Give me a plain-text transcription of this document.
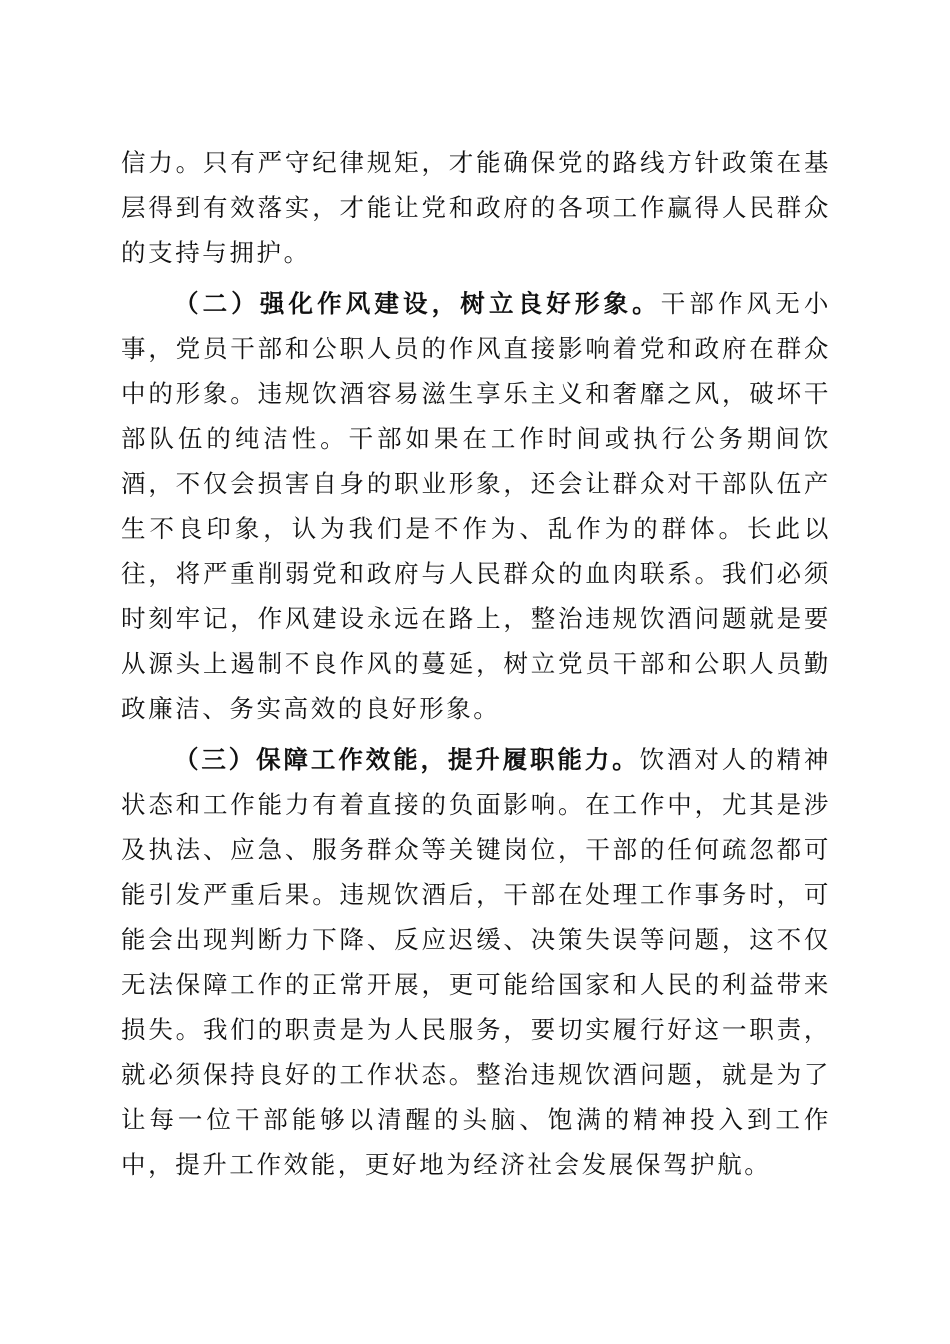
信力。只有严守纪律规矩，才能确保党的路线方针政策在基层得到有效落实，才能让党和政府的各项工作赢得人民群众的支持与拥护。

（二）强化作风建设，树立良好形象。干部作风无小事，党员干部和公职人员的作风直接影响着党和政府在群众中的形象。违规饮酒容易滋生享乐主义和奢靡之风，破坏干部队伍的纯洁性。干部如果在工作时间或执行公务期间饮酒，不仅会损害自身的职业形象，还会让群众对干部队伍产生不良印象，认为我们是不作为、乱作为的群体。长此以往，将严重削弱党和政府与人民群众的血肉联系。我们必须时刻牢记，作风建设永远在路上，整治违规饮酒问题就是要从源头上遏制不良作风的蔓延，树立党员干部和公职人员勤政廉洁、务实高效的良好形象。

（三）保障工作效能，提升履职能力。饮酒对人的精神状态和工作能力有着直接的负面影响。在工作中，尤其是涉及执法、应急、服务群众等关键岗位，干部的任何疏忽都可能引发严重后果。违规饮酒后，干部在处理工作事务时，可能会出现判断力下降、反应迟缓、决策失误等问题，这不仅无法保障工作的正常开展，更可能给国家和人民的利益带来损失。我们的职责是为人民服务，要切实履行好这一职责，就必须保持良好的工作状态。整治违规饮酒问题，就是为了让每一位干部能够以清醒的头脑、饱满的精神投入到工作中，提升工作效能，更好地为经济社会发展保驾护航。
